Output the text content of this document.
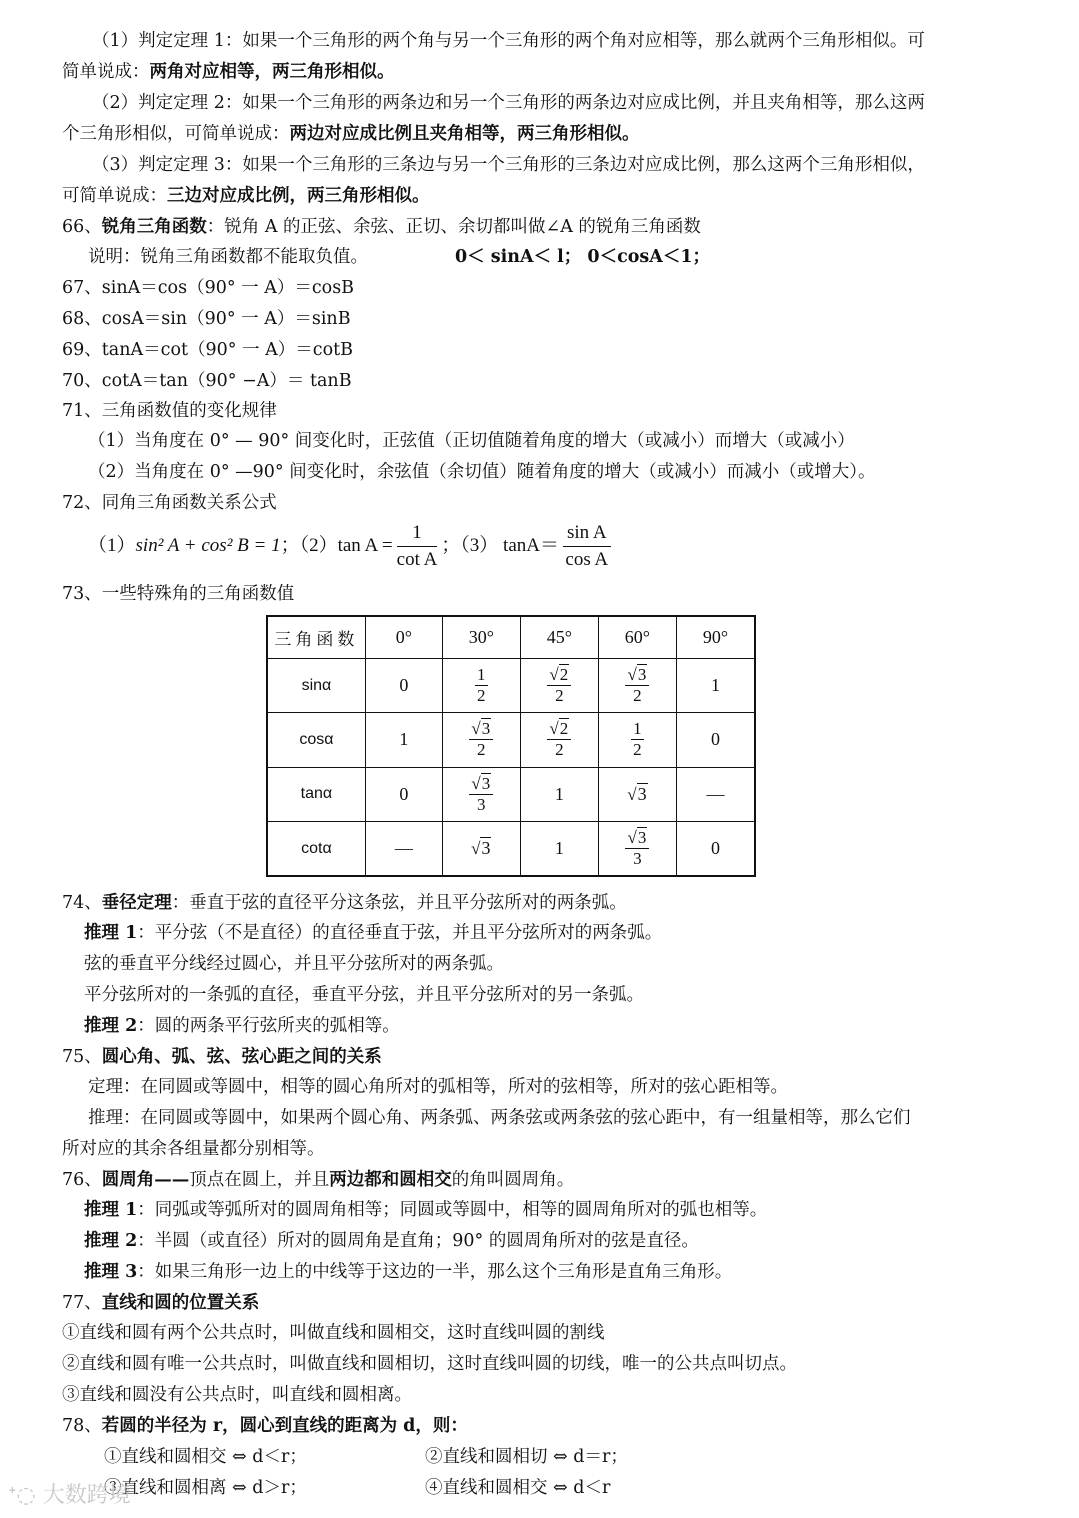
（1）判定定理 1：如果一个三角形的两个角与另一个三角形的两个角对应相等，那么就两个三角形相似。可
简单说成：两角对应相等，两三角形相似。
（2）判定定理 2：如果一个三角形的两条边和另一个三角形的两条边对应成比例，并且夹角相等，那么这两
个三角形相似，可简单说成：两边对应成比例且夹角相等，两三角形相似。
（3）判定定理 3：如果一个三角形的三条边与另一个三角形的三条边对应成比例，那么这两个三角形相似，
可简单说成：三边对应成比例，两三角形相似。
66、锐角三角函数：锐角 A 的正弦、余弦、正切、余切都叫做∠A 的锐角三角函数
说明：锐角三角函数都不能取负值。	0＜ sinA＜ l； 0＜cosA＜1；
67、sinA＝cos（90° 一 A）＝cosB
68、cosA＝sin（90° 一 A）＝sinB
69、tanA＝cot（90° 一 A）＝cotB
70、cotA＝tan（90° −A）＝ tanB
71、三角函数值的变化规律
（1）当角度在 0° — 90° 间变化时，正弦值（正切值随着角度的增大（或减小）而增大（或减小）
（2）当角度在 0° —90° 间变化时，余弦值（余切值）随着角度的增大（或减小）而减小（或增大）。
72、同角三角函数关系公式
（1）sin² A + cos² B = 1；（2）tan $A = \frac{1}{\text{cot A}}$ ；（3） $\tan A= \frac{\text{sin A}}{\text{cos A}}$
73、一些特殊角的三角函数值
三角函数	0°	30°	45°	60°	90°
sinα	0	$\frac{1}{2}$	$\frac{√2}{2}$	$\frac{√3}{2}$	1
cosα	1	$\frac{√3}{2}$	$\frac{√2}{2}$	$\frac{1}{2}$	0
tanα	0	$\frac{√3}{3}$	1	√3	—
cotα	—	√3	1	$\frac{√3}{3}$	0
74、垂径定理：垂直于弦的直径平分这条弦，并且平分弦所对的两条弧。
推理 1：平分弦（不是直径）的直径垂直于弦，并且平分弦所对的两条弧。
弦的垂直平分线经过圆心，并且平分弦所对的两条弧。
平分弦所对的一条弧的直径，垂直平分弦，并且平分弦所对的另一条弧。
推理 2：圆的两条平行弦所夹的弧相等。
75、圆心角、弧、弦、弦心距之间的关系
定理：在同圆或等圆中，相等的圆心角所对的弧相等，所对的弦相等，所对的弦心距相等。
推理：在同圆或等圆中，如果两个圆心角、两条弧、两条弦或两条弦的弦心距中，有一组量相等，那么它们
所对应的其余各组量都分别相等。
76、圆周角——顶点在圆上，并且两边都和圆相交的角叫圆周角。
推理 1：同弧或等弧所对的圆周角相等；同圆或等圆中，相等的圆周角所对的弧也相等。
推理 2：半圆（或直径）所对的圆周角是直角；90° 的圆周角所对的弦是直径。
推理 3：如果三角形一边上的中线等于这边的一半，那么这个三角形是直角三角形。
77、直线和圆的位置关系
①直线和圆有两个公共点时，叫做直线和圆相交，这时直线叫圆的割线
②直线和圆有唯一公共点时，叫做直线和圆相切，这时直线叫圆的切线，唯一的公共点叫切点。
③直线和圆没有公共点时，叫直线和圆相离。
78、若圆的半径为 r，圆心到直线的距离为 d，则：
①直线和圆相交 ⇔ d＜r；	②直线和圆相切 ⇔ d＝r；
③直线和圆相离 ⇔ d＞r；	④直线和圆相交 ⇔ d＜r
ᐩ◌ 大数跨境
